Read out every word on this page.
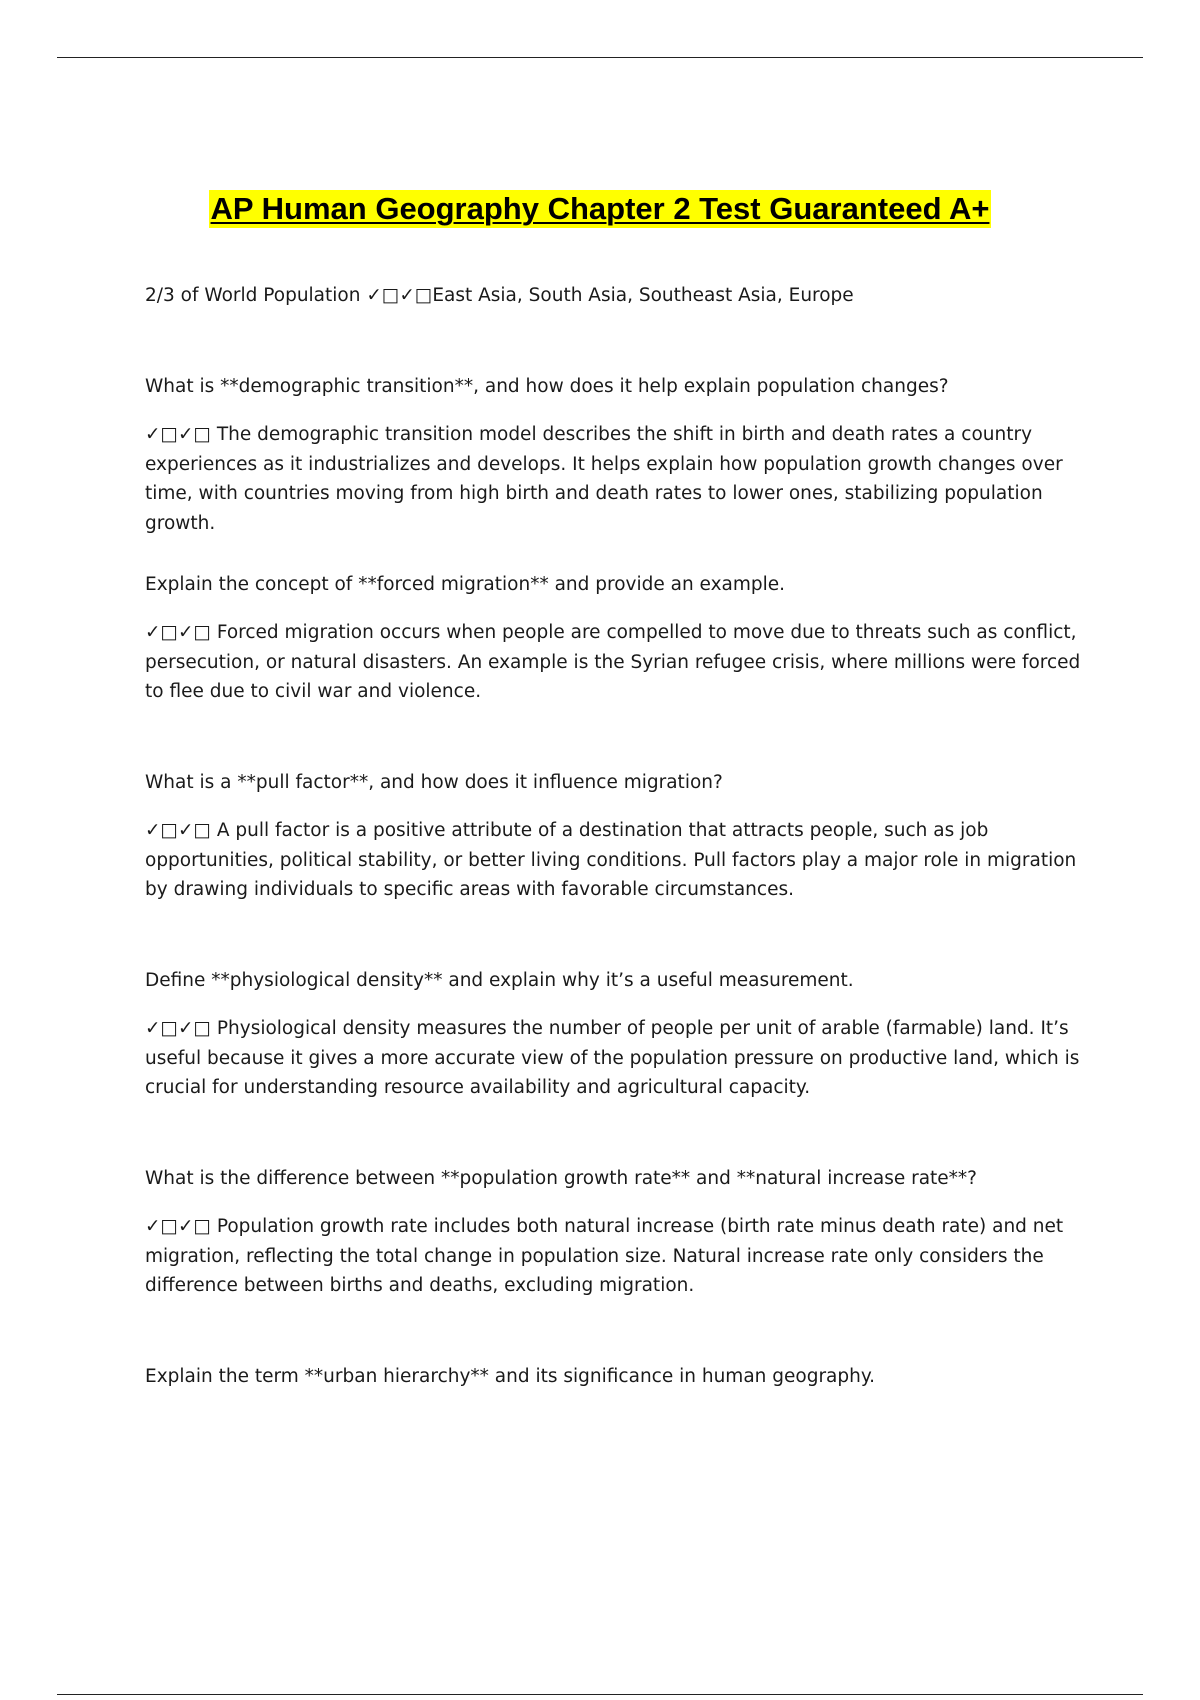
AP Human Geography Chapter 2 Test Guaranteed A+
2/3 of World Population ✓□✓□East Asia, South Asia, Southeast Asia, Europe
What is **demographic transition**, and how does it help explain population changes?
✓□✓□ The demographic transition model describes the shift in birth and death rates a country experiences as it industrializes and develops. It helps explain how population growth changes over time, with countries moving from high birth and death rates to lower ones, stabilizing population growth.
Explain the concept of **forced migration** and provide an example.
✓□✓□ Forced migration occurs when people are compelled to move due to threats such as conflict, persecution, or natural disasters. An example is the Syrian refugee crisis, where millions were forced to flee due to civil war and violence.
What is a **pull factor**, and how does it influence migration?
✓□✓□ A pull factor is a positive attribute of a destination that attracts people, such as job opportunities, political stability, or better living conditions. Pull factors play a major role in migration by drawing individuals to specific areas with favorable circumstances.
Define **physiological density** and explain why it’s a useful measurement.
✓□✓□ Physiological density measures the number of people per unit of arable (farmable) land. It’s useful because it gives a more accurate view of the population pressure on productive land, which is crucial for understanding resource availability and agricultural capacity.
What is the difference between **population growth rate** and **natural increase rate**?
✓□✓□ Population growth rate includes both natural increase (birth rate minus death rate) and net migration, reflecting the total change in population size. Natural increase rate only considers the difference between births and deaths, excluding migration.
Explain the term **urban hierarchy** and its significance in human geography.
